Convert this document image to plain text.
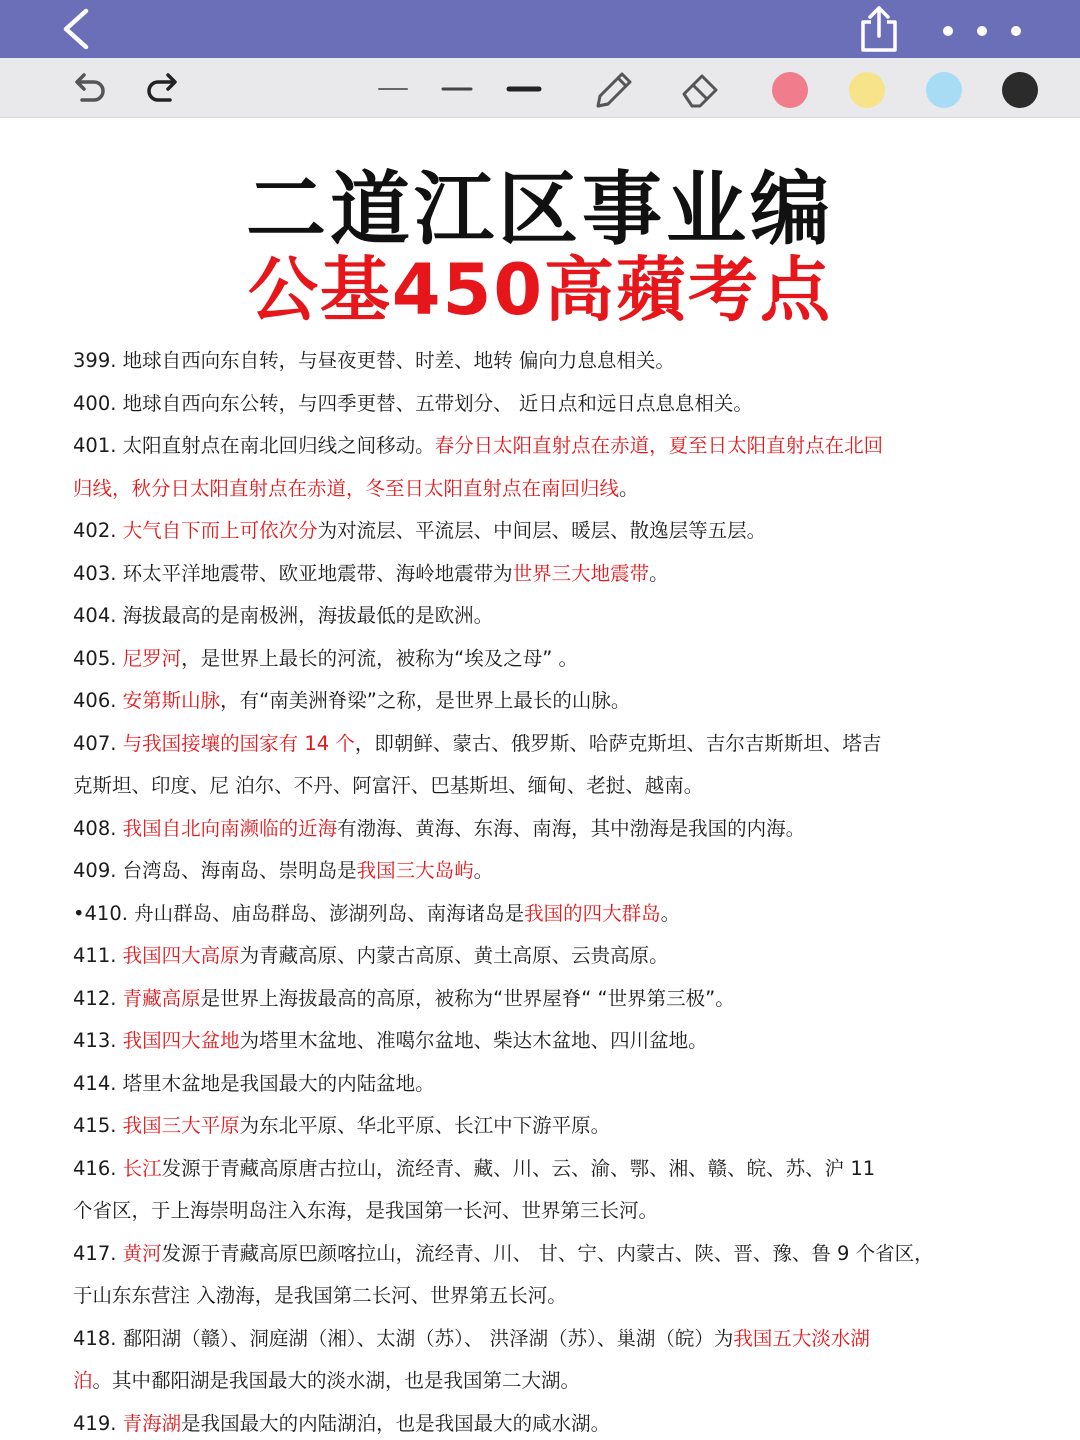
二道江区事业编
公基450高蘋考点
399. 地球自西向东自转，与昼夜更替、时差、地转 偏向力息息相关。
400. 地球自西向东公转，与四季更替、五带划分、 近日点和远日点息息相关。
401. 太阳直射点在南北回归线之间移动。春分日太阳直射点在赤道，夏至日太阳直射点在北回
归线，秋分日太阳直射点在赤道，冬至日太阳直射点在南回归线。
402. 大气自下而上可依次分为对流层、平流层、中间层、暖层、散逸层等五层。
403. 环太平洋地震带、欧亚地震带、海岭地震带为世界三大地震带。
404. 海拔最高的是南极洲，海拔最低的是欧洲。
405. 尼罗河，是世界上最长的河流，被称为“埃及之母” 。
406. 安第斯山脉，有“南美洲脊梁”之称，是世界上最长的山脉。
407. 与我国接壤的国家有 14 个，即朝鲜、蒙古、俄罗斯、哈萨克斯坦、吉尔吉斯斯坦、塔吉
克斯坦、印度、尼 泊尔、不丹、阿富汗、巴基斯坦、缅甸、老挝、越南。
408. 我国自北向南濒临的近海有渤海、黄海、东海、南海，其中渤海是我国的内海。
409. 台湾岛、海南岛、崇明岛是我国三大岛屿。
•410. 舟山群岛、庙岛群岛、澎湖列岛、南海诸岛是我国的四大群岛。
411. 我国四大高原为青藏高原、内蒙古高原、黄土高原、云贵高原。
412. 青藏高原是世界上海拔最高的高原，被称为“世界屋脊“ “世界第三极”。
413. 我国四大盆地为塔里木盆地、准噶尔盆地、柴达木盆地、四川盆地。
414. 塔里木盆地是我国最大的内陆盆地。
415. 我国三大平原为东北平原、华北平原、长江中下游平原。
416. 长江发源于青藏高原唐古拉山，流经青、藏、川、云、渝、鄂、湘、赣、皖、苏、沪 11
个省区，于上海崇明岛注入东海，是我国第一长河、世界第三长河。
417. 黄河发源于青藏高原巴颜喀拉山，流经青、川、 甘、宁、内蒙古、陕、晋、豫、鲁 9 个省区，
于山东东营注 入渤海，是我国第二长河、世界第五长河。
418. 鄱阳湖（赣）、洞庭湖（湘）、太湖（苏）、 洪泽湖（苏）、巢湖（皖）为我国五大淡水湖
泊。其中鄱阳湖是我国最大的淡水湖，也是我国第二大湖。
419. 青海湖是我国最大的内陆湖泊，也是我国最大的咸水湖。
